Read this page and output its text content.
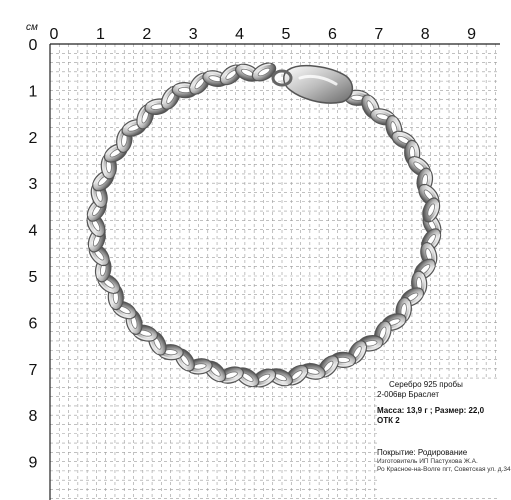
0 1 2 3 4 5 6 7 8 9
0
1
2
3
4
5
6
7
8
9
см
Серебро 925 пробы
2-006вр Браслет
Масса: 13,9 г ; Размер: 22,0
ОТК 2
Покрытие: Родирование
Изготовитель ИП Пастухова Ж.А.
Ро Красное-на-Волге пгт, Советская ул. д.34
